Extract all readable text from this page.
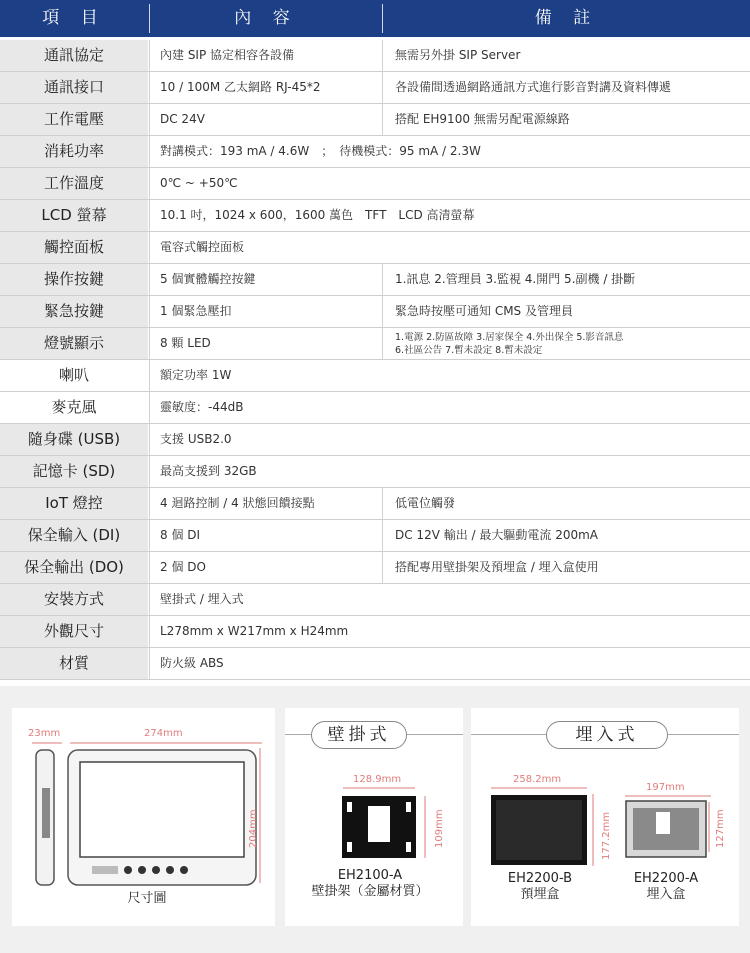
項 目	內 容	備 註
通訊協定	內建 SIP 協定相容各設備	無需另外掛 SIP Server
通訊接口	10 / 100M 乙太網路 RJ-45*2	各設備間透過網路通訊方式進行影音對講及資料傳遞
工作電壓	DC 24V	搭配 EH9100 無需另配電源線路
消耗功率	對講模式：193 mA / 4.6W　；　待機模式：95 mA / 2.3W
工作溫度	0℃ ~ +50℃
LCD 螢幕	10.1 吋，1024 x 600，1600 萬色　TFT　LCD 高清螢幕
觸控面板	電容式觸控面板
操作按鍵	5 個實體觸控按鍵	1.訊息 2.管理員 3.監視 4.開門 5.副機 / 掛斷
緊急按鍵	1 個緊急壓扣	緊急時按壓可通知 CMS 及管理員
燈號顯示	8 顆 LED	1.電源 2.防區故障 3.居家保全 4.外出保全 5.影音訊息
6.社區公告 7.暫未設定 8.暫未設定
喇叭	額定功率 1W
麥克風	靈敏度：-44dB
隨身碟 (USB)	支援 USB2.0
記憶卡 (SD)	最高支援到 32GB
IoT 燈控	4 迴路控制 / 4 狀態回饋接點	低電位觸發
保全輸入 (DI)	8 個 DI	DC 12V 輸出 / 最大驅動電流 200mA
保全輸出 (DO)	2 個 DO	搭配專用壁掛架及預埋盒 / 埋入盒使用
安裝方式	壁掛式 / 埋入式
外觀尺寸	L278mm x W217mm x H24mm
材質	防火級 ABS
23mm	274mm
204mm
尺寸圖
壁掛式
128.9mm
109mm
EH2100-A
壁掛架（金屬材質）
埋入式
258.2mm
197mm
177.2mm	127mm
EH2200-B
預埋盒
EH2200-A
埋入盒
